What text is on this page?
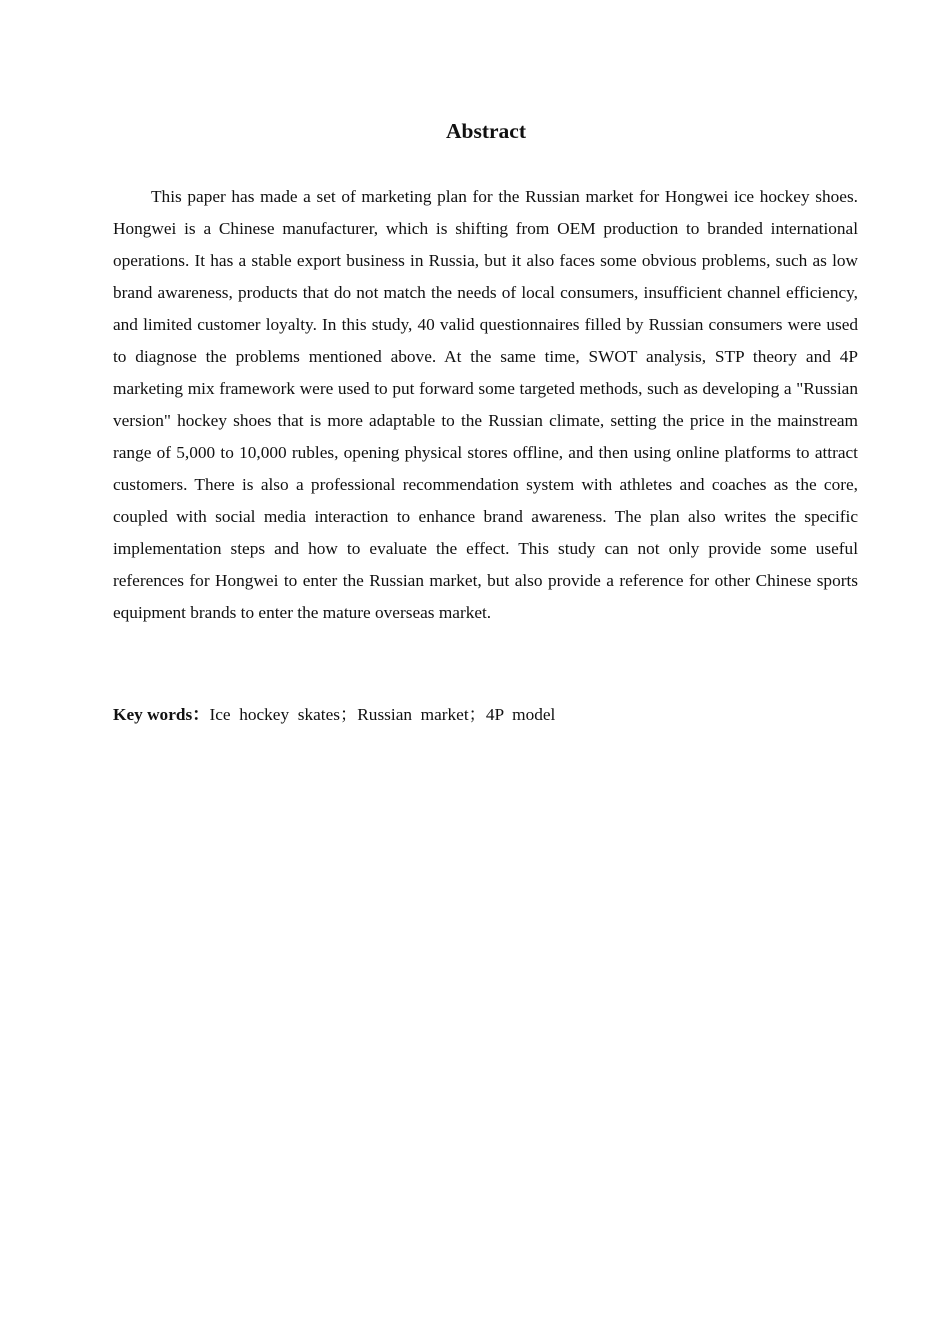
Abstract

This paper has made a set of marketing plan for the Russian market for Hongwei ice hockey shoes. Hongwei is a Chinese manufacturer, which is shifting from OEM production to branded international operations. It has a stable export business in Russia, but it also faces some obvious problems, such as low brand awareness, products that do not match the needs of local consumers, insufficient channel efficiency, and limited customer loyalty. In this study, 40 valid questionnaires filled by Russian consumers were used to diagnose the problems mentioned above. At the same time, SWOT analysis, STP theory and 4P marketing mix framework were used to put forward some targeted methods, such as developing a "Russian version" hockey shoes that is more adaptable to the Russian climate, setting the price in the mainstream range of 5,000 to 10,000 rubles, opening physical stores offline, and then using online platforms to attract customers. There is also a professional recommendation system with athletes and coaches as the core, coupled with social media interaction to enhance brand awareness. The plan also writes the specific implementation steps and how to evaluate the effect. This study can not only provide some useful references for Hongwei to enter the Russian market, but also provide a reference for other Chinese sports equipment brands to enter the mature overseas market.

Key words：Ice  hockey  skates；Russian  market；4P  model
